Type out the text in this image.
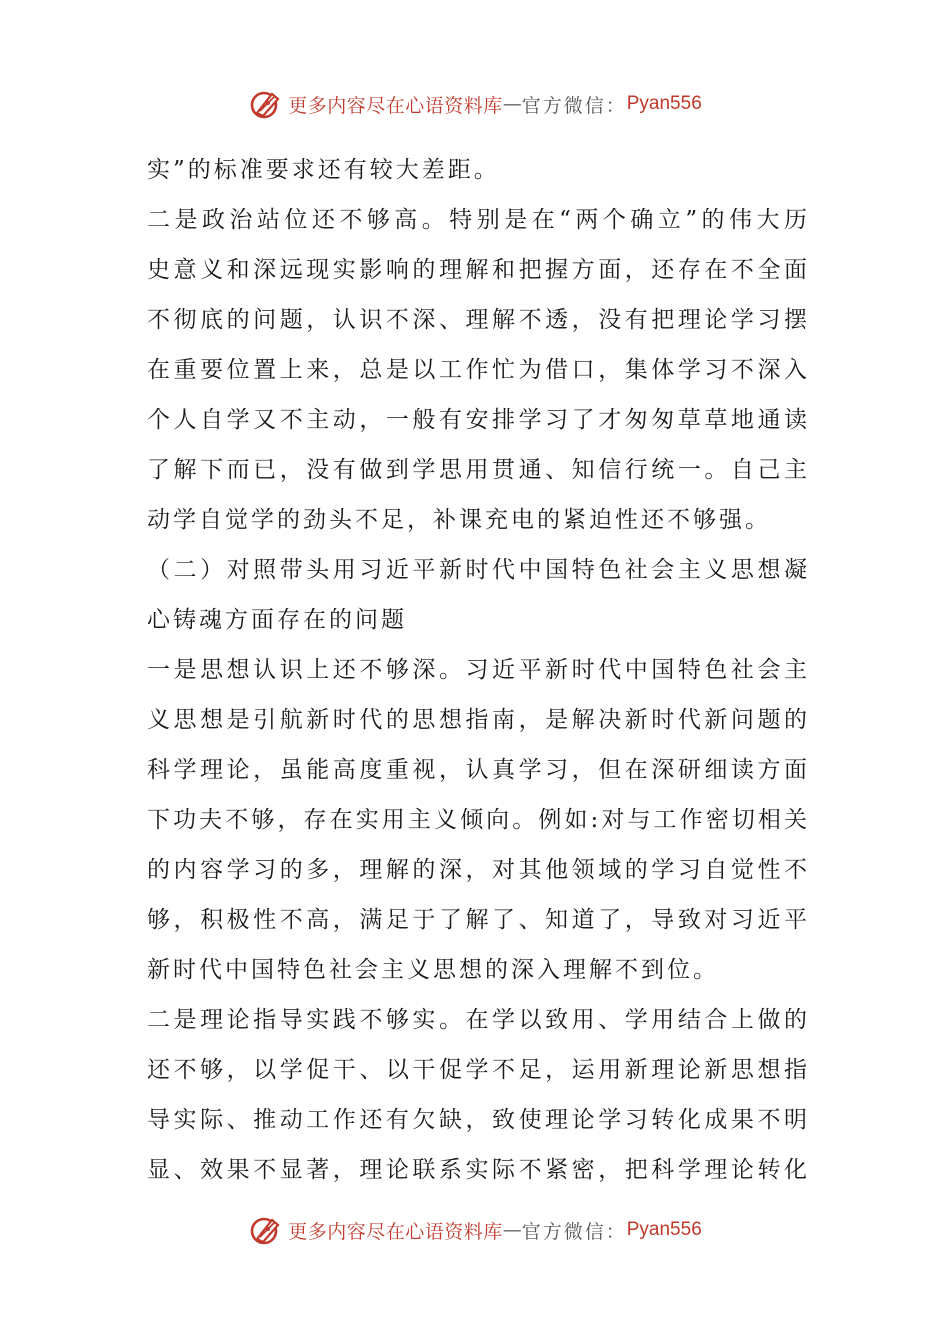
更多内容尽在心语资料库 — 官方微信： Pyan556
实”的标准要求还有较大差距。
二是政治站位还不够高。特别是在“两个确立”的伟大历
史意义和深远现实影响的理解和把握方面，还存在不全面
不彻底的问题，认识不深、理解不透，没有把理论学习摆
在重要位置上来，总是以工作忙为借口，集体学习不深入
个人自学又不主动，一般有安排学习了才匆匆草草地通读
了解下而已，没有做到学思用贯通、知信行统一。自己主
动学自觉学的劲头不足，补课充电的紧迫性还不够强。
（二）对照带头用习近平新时代中国特色社会主义思想凝
心铸魂方面存在的问题
一是思想认识上还不够深。习近平新时代中国特色社会主
义思想是引航新时代的思想指南，是解决新时代新问题的
科学理论，虽能高度重视，认真学习，但在深研细读方面
下功夫不够，存在实用主义倾向。例如:对与工作密切相关
的内容学习的多，理解的深，对其他领域的学习自觉性不
够，积极性不高，满足于了解了、知道了，导致对习近平
新时代中国特色社会主义思想的深入理解不到位。
二是理论指导实践不够实。在学以致用、学用结合上做的
还不够，以学促干、以干促学不足，运用新理论新思想指
导实际、推动工作还有欠缺，致使理论学习转化成果不明
显、效果不显著，理论联系实际不紧密，把科学理论转化
更多内容尽在心语资料库 — 官方微信： Pyan556
